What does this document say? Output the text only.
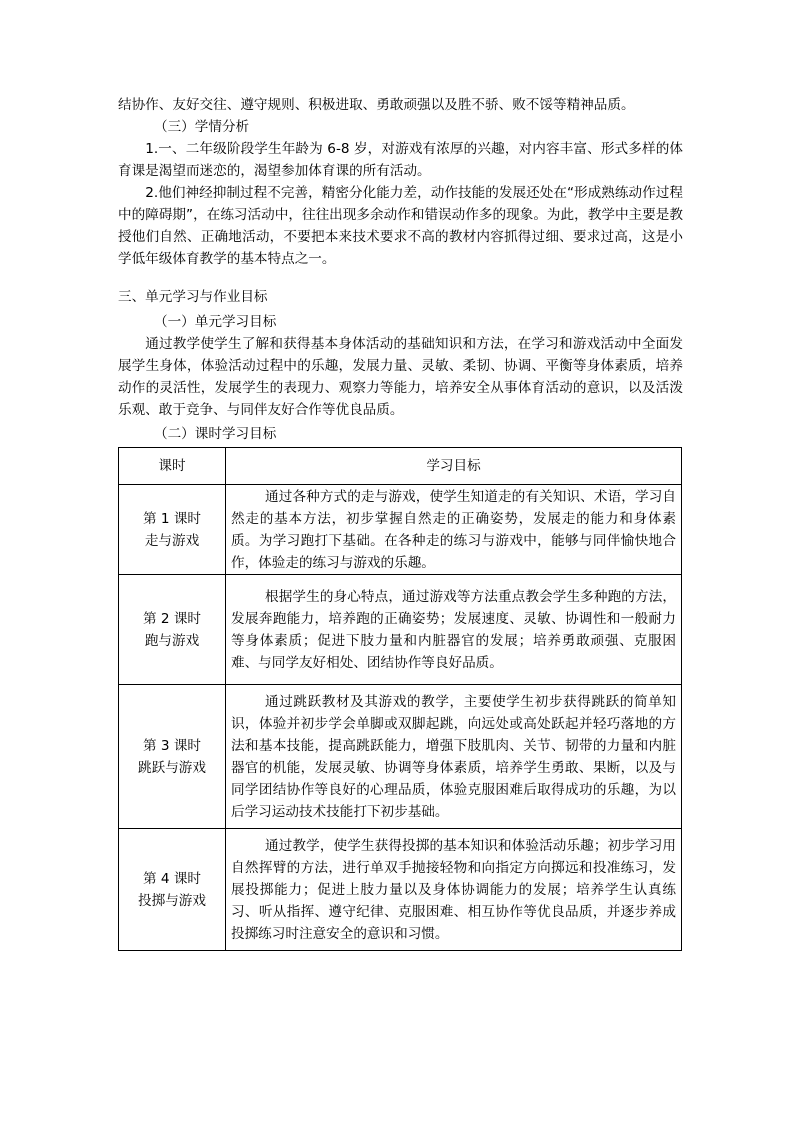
结协作、友好交往、遵守规则、积极进取、勇敢顽强以及胜不骄、败不馁等精神品质。

（三）学情分析

1.一、二年级阶段学生年龄为 6-8 岁，对游戏有浓厚的兴趣，对内容丰富、形式多样的体育课是渴望而迷恋的，渴望参加体育课的所有活动。

2.他们神经抑制过程不完善，精密分化能力差，动作技能的发展还处在“形成熟练动作过程中的障碍期”，在练习活动中，往往出现多余动作和错误动作多的现象。为此，教学中主要是教授他们自然、正确地活动，不要把本来技术要求不高的教材内容抓得过细、要求过高，这是小学低年级体育教学的基本特点之一。

三、单元学习与作业目标

（一）单元学习目标

通过教学使学生了解和获得基本身体活动的基础知识和方法，在学习和游戏活动中全面发展学生身体，体验活动过程中的乐趣，发展力量、灵敏、柔韧、协调、平衡等身体素质，培养动作的灵活性，发展学生的表现力、观察力等能力，培养安全从事体育活动的意识，以及活泼乐观、敢于竞争、与同伴友好合作等优良品质。

（二）课时学习目标

课时	学习目标

第 1 课时
走与游戏	通过各种方式的走与游戏，使学生知道走的有关知识、术语，学习自然走的基本方法，初步掌握自然走的正确姿势，发展走的能力和身体素质。为学习跑打下基础。在各种走的练习与游戏中，能够与同伴愉快地合作，体验走的练习与游戏的乐趣。

第 2 课时
跑与游戏	根据学生的身心特点，通过游戏等方法重点教会学生多种跑的方法，发展奔跑能力，培养跑的正确姿势；发展速度、灵敏、协调性和一般耐力等身体素质；促进下肢力量和内脏器官的发展；培养勇敢顽强、克服困难、与同学友好相处、团结协作等良好品质。

第 3 课时
跳跃与游戏	通过跳跃教材及其游戏的教学，主要使学生初步获得跳跃的简单知识，体验并初步学会单脚或双脚起跳，向远处或高处跃起并轻巧落地的方法和基本技能，提高跳跃能力，增强下肢肌肉、关节、韧带的力量和内脏器官的机能，发展灵敏、协调等身体素质，培养学生勇敢、果断，以及与同学团结协作等良好的心理品质，体验克服困难后取得成功的乐趣，为以后学习运动技术技能打下初步基础。

第 4 课时
投掷与游戏	通过教学，使学生获得投掷的基本知识和体验活动乐趣；初步学习用自然挥臂的方法，进行单双手抛接轻物和向指定方向掷远和投准练习，发展投掷能力；促进上肢力量以及身体协调能力的发展；培养学生认真练习、听从指挥、遵守纪律、克服困难、相互协作等优良品质，并逐步养成投掷练习时注意安全的意识和习惯。
